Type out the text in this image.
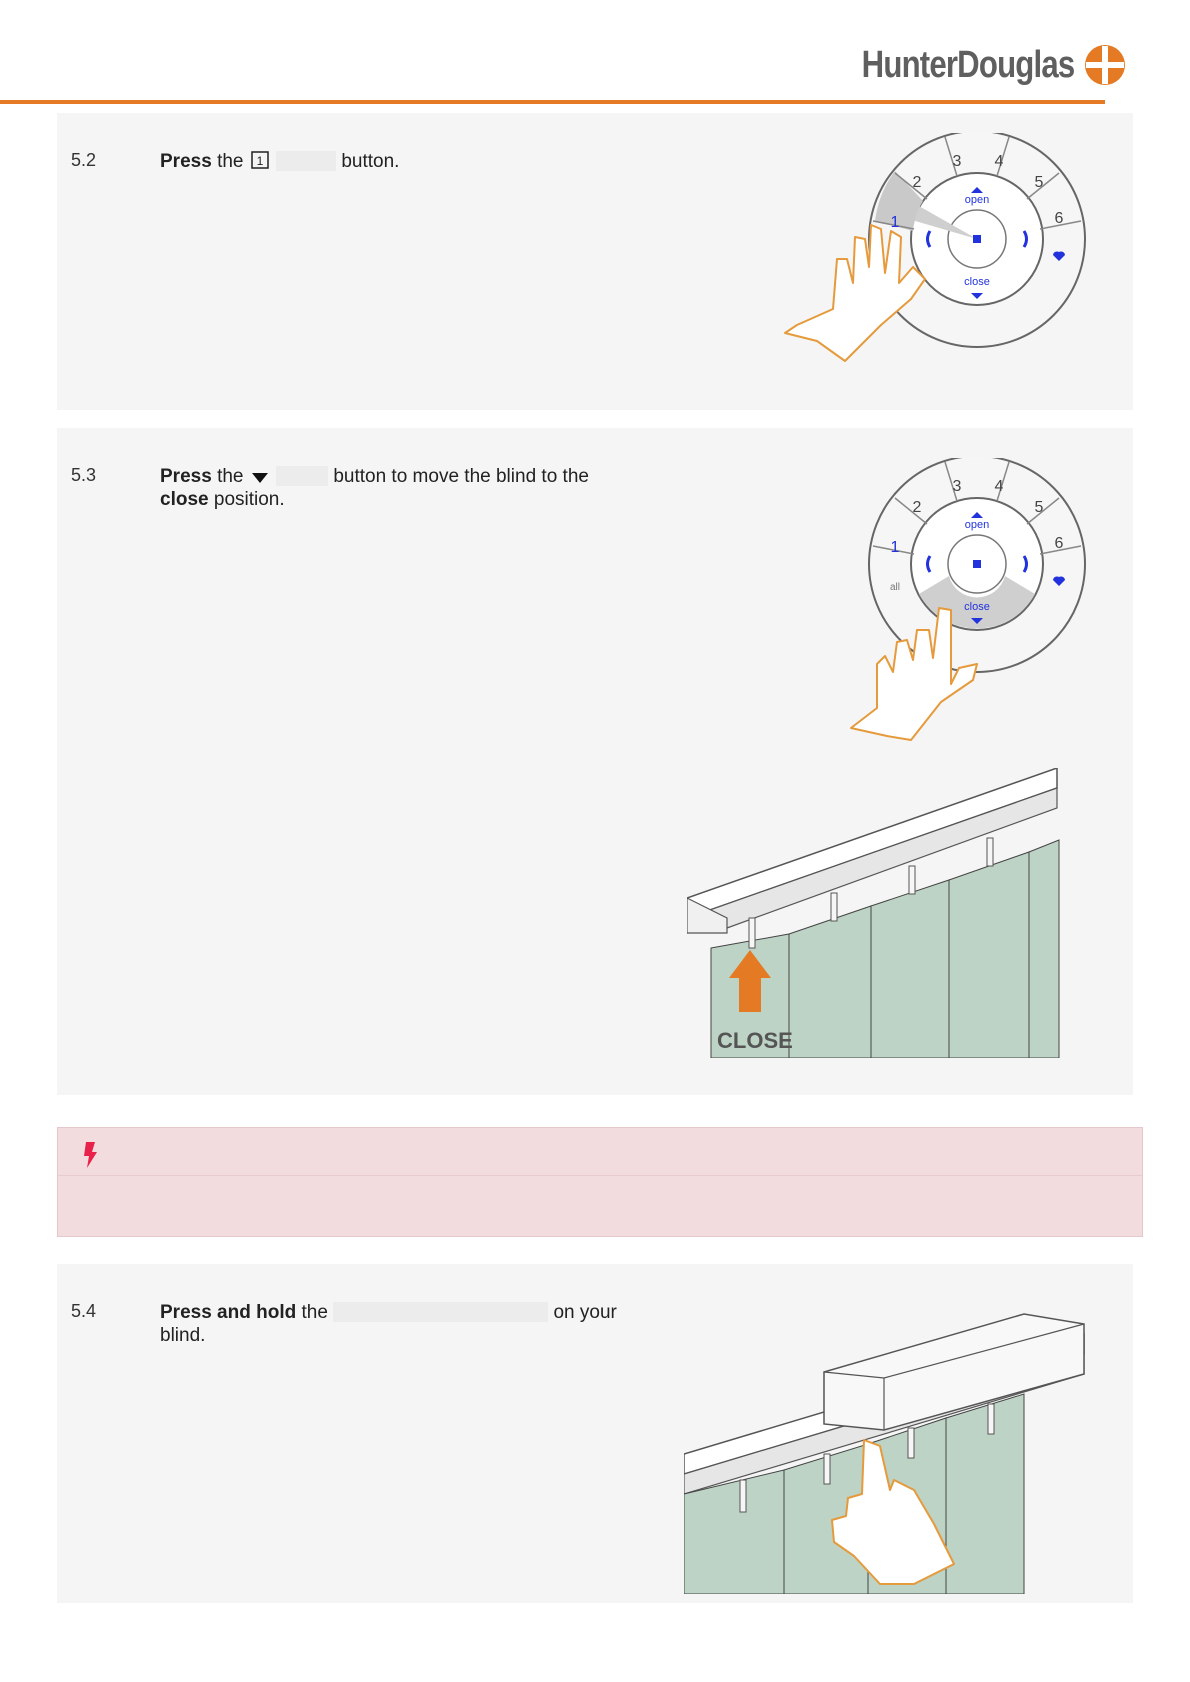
HunterDouglas
5.2	Press the 1	button.	3 4
2	5
6
1
open
close
5.3	Press the	button to move the blind to the
close position.
3 4
2	5
6
1
all
open
close
CLOSE
5.4	Press and hold the	on your blind.
